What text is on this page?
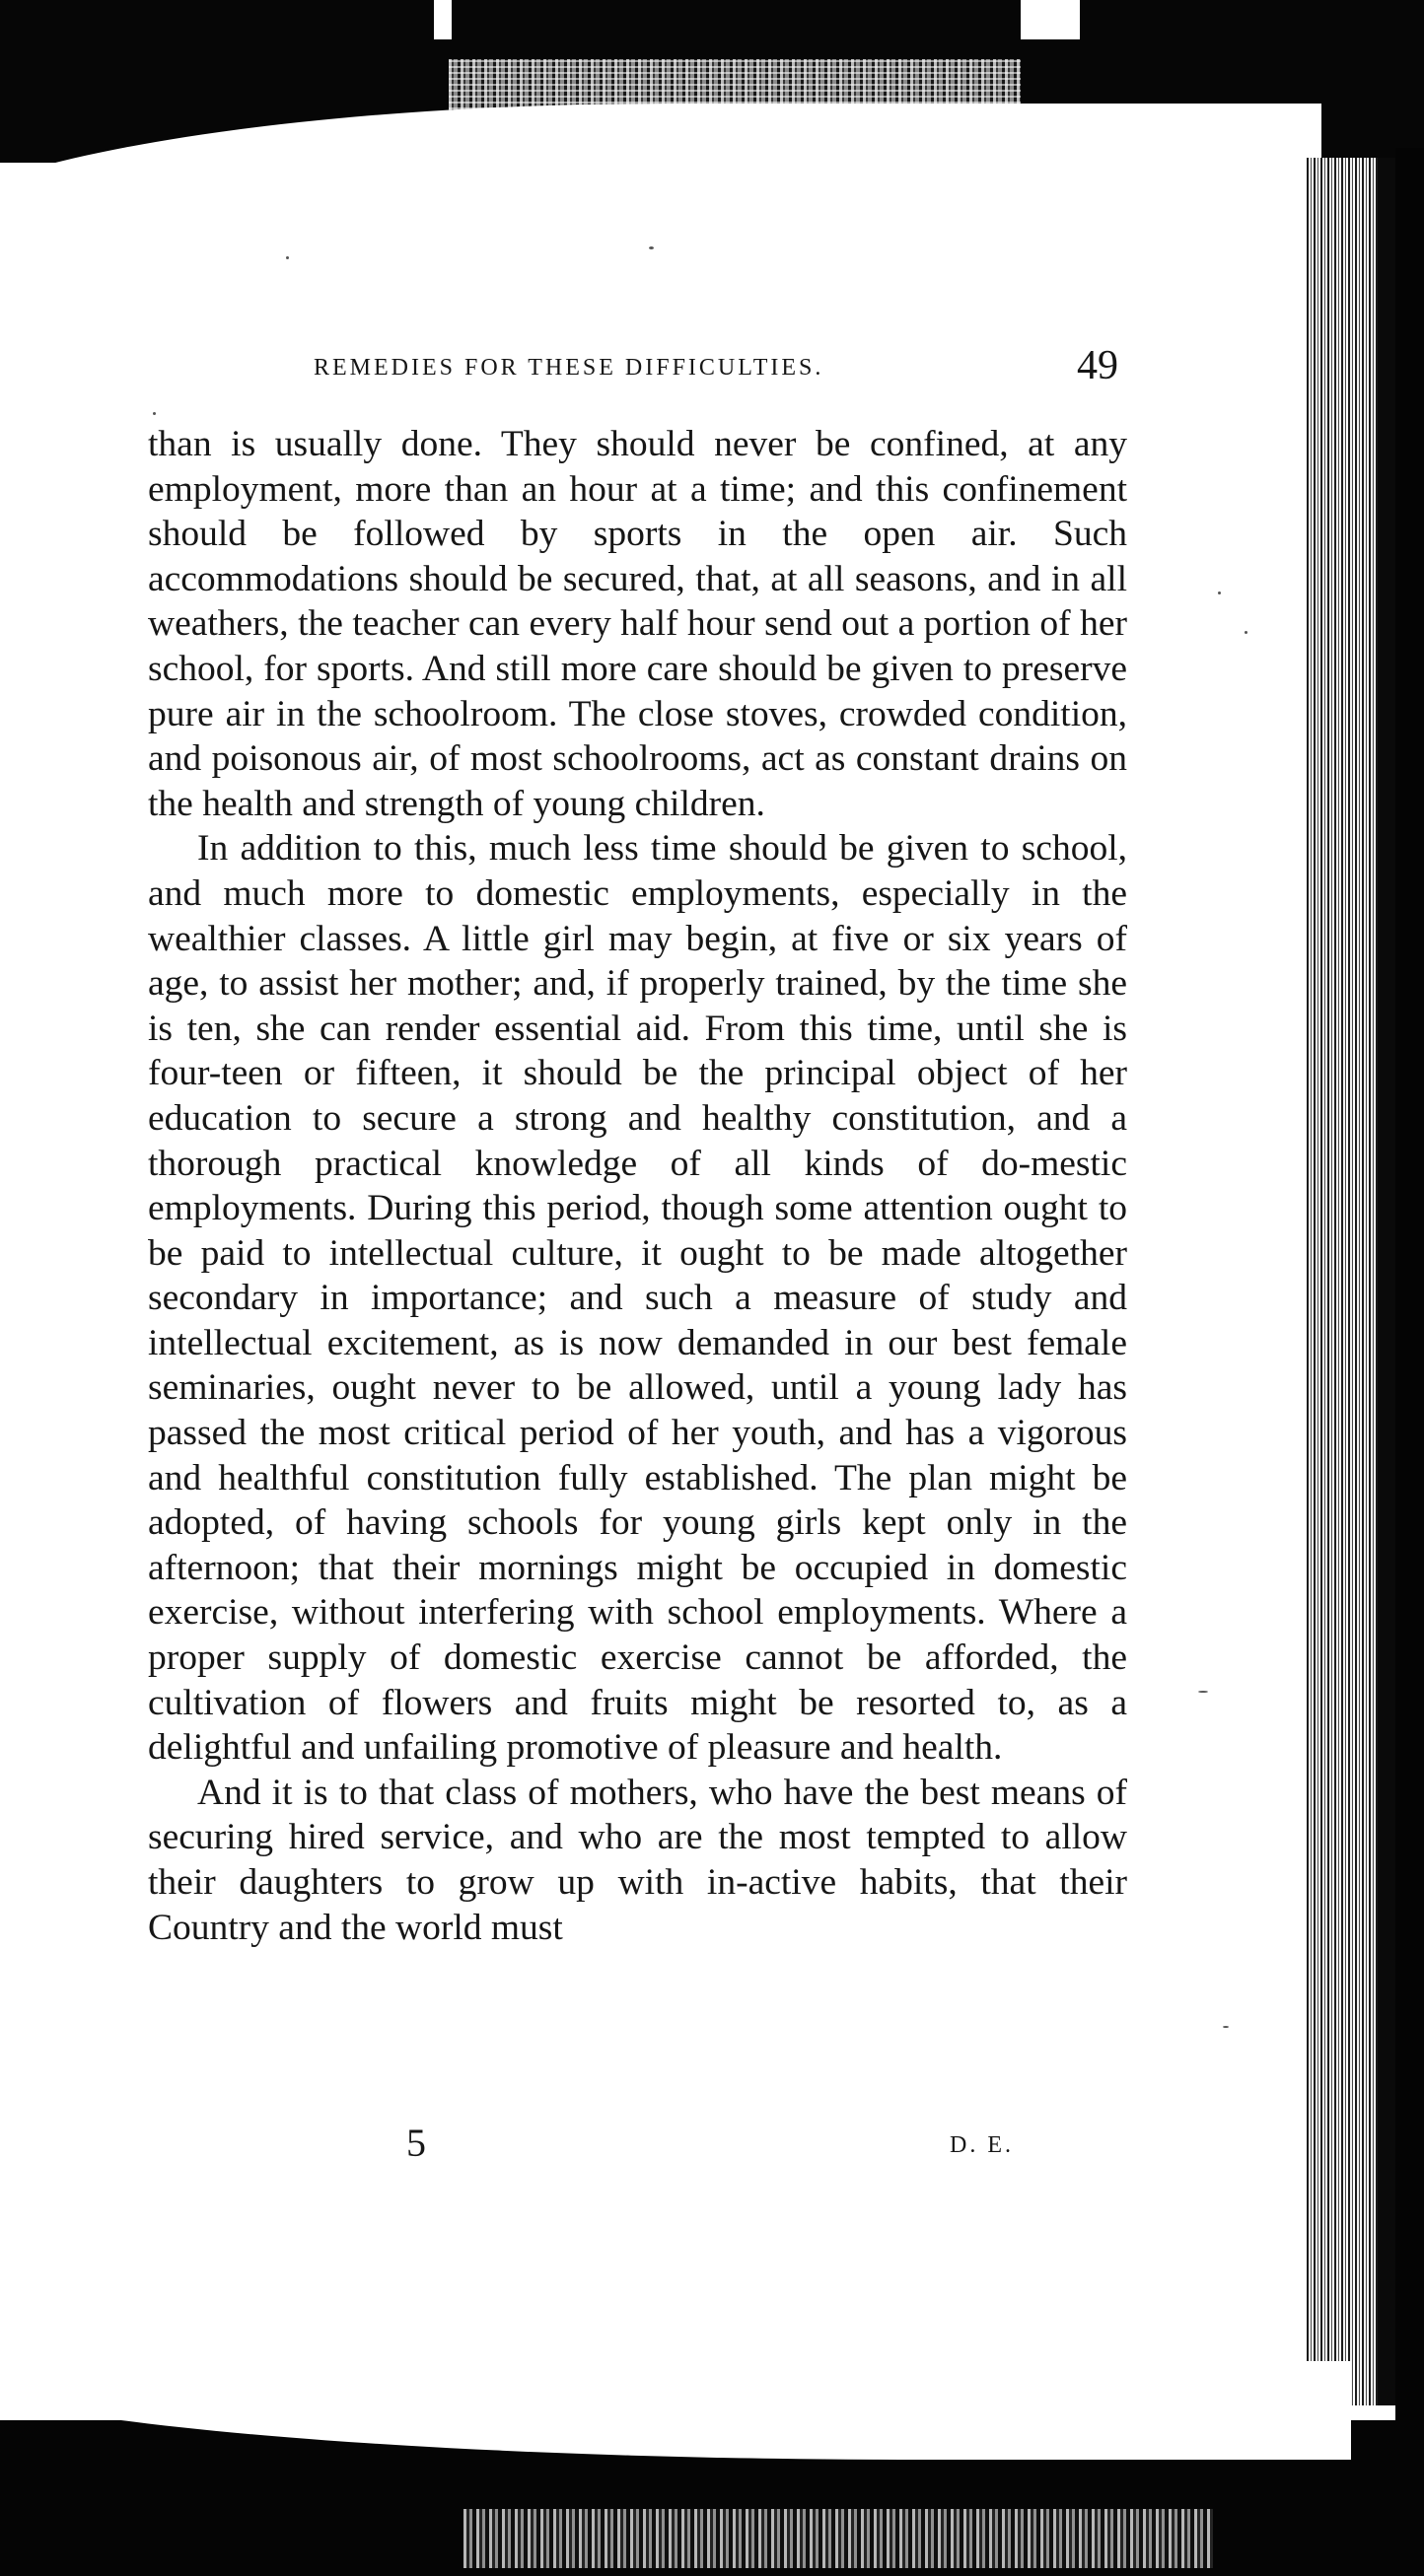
REMEDIES FOR THESE DIFFICULTIES.	49

than is usually done. They should never be confined, at any employment, more than an hour at a time; and this confinement should be followed by sports in the open air. Such accommodations should be secured, that, at all seasons, and in all weathers, the teacher can every half hour send out a portion of her school, for sports. And still more care should be given to preserve pure air in the schoolroom. The close stoves, crowded condition, and poisonous air, of most schoolrooms, act as constant drains on the health and strength of young children.

In addition to this, much less time should be given to school, and much more to domestic employments, especially in the wealthier classes. A little girl may begin, at five or six years of age, to assist her mother; and, if properly trained, by the time she is ten, she can render essential aid. From this time, until she is four-teen or fifteen, it should be the principal object of her education to secure a strong and healthy constitution, and a thorough practical knowledge of all kinds of do-mestic employments. During this period, though some attention ought to be paid to intellectual culture, it ought to be made altogether secondary in importance; and such a measure of study and intellectual excitement, as is now demanded in our best female seminaries, ought never to be allowed, until a young lady has passed the most critical period of her youth, and has a vigorous and healthful constitution fully established. The plan might be adopted, of having schools for young girls kept only in the afternoon; that their mornings might be occupied in domestic exercise, without interfering with school employments. Where a proper supply of domestic exercise cannot be afforded, the cultivation of flowers and fruits might be resorted to, as a delightful and unfailing promotive of pleasure and health.

And it is to that class of mothers, who have the best means of securing hired service, and who are the most tempted to allow their daughters to grow up with in-active habits, that their Country and the world must

5	D. E.
